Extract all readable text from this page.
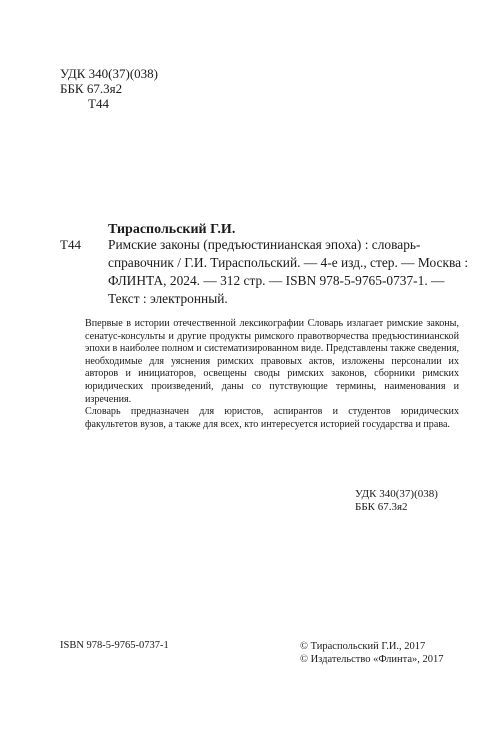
УДК 340(37)(038)
ББК 67.3я2
Т44
Тираспольский Г.И.
Т44 Римские законы (предъюстинианская эпоха) : словарь-
справочник / Г.И. Тираспольский. — 4-е изд., стер. — Москва :
ФЛИНТА, 2024. — 312 стр. — ISBN 978-5-9765-0737-1. —
Текст : электронный.

Впервые в истории отечественной лексикографии Словарь излагает римские законы, сенатус-консульты и другие продукты римского правотворчества предъюстинианской эпохи в наиболее полном и систематизированном виде. Представлены также сведения, необходимые для уяснения римских правовых актов, изложены персоналии их авторов и инициаторов, освещены своды римских законов, сборники римских юридических произведений, даны со путствующие термины, наименования и изречения.

Словарь предназначен для юристов, аспирантов и студентов юридических факультетов вузов, а также для всех, кто интересуется историей государства и права.

УДК 340(37)(038)
ББК 67.3я2
ISBN 978-5-9765-0737-1	© Тираспольский Г.И., 2017
© Издательство «Флинта», 2017
